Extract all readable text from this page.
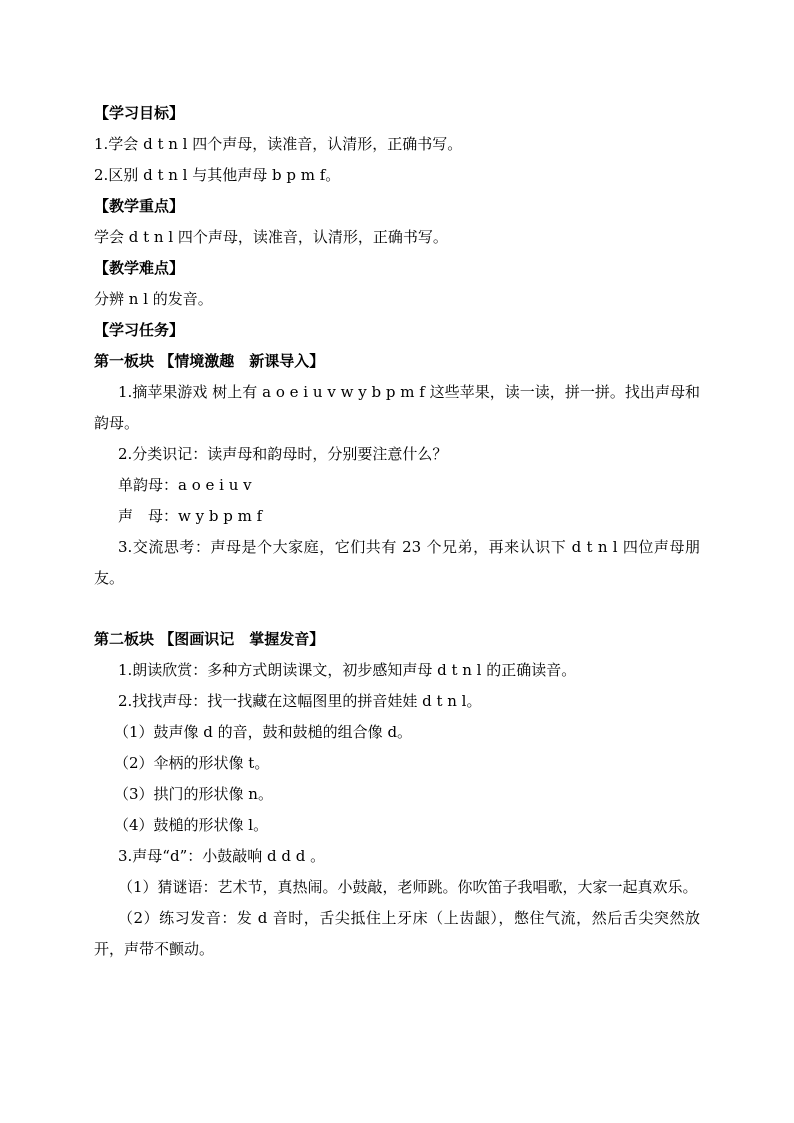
【学习目标】
1.学会 d t n l 四个声母，读准音，认清形，正确书写。
2.区别 d t n l 与其他声母 b p m f。
【教学重点】
学会 d t n l 四个声母，读准音，认清形，正确书写。
【教学难点】
分辨 n l 的发音。
【学习任务】
第一板块 【情境激趣　新课导入】
1.摘苹果游戏 树上有 a o e i u v w y b p m f 这些苹果，读一读，拼一拼。找出声母和韵母。
2.分类识记：读声母和韵母时，分别要注意什么？
单韵母：a o e i u v
声　母：w y b p m f
3.交流思考：声母是个大家庭，它们共有 23 个兄弟，再来认识下 d t n l 四位声母朋友。
第二板块 【图画识记　掌握发音】
1.朗读欣赏：多种方式朗读课文，初步感知声母 d t n l 的正确读音。
2.找找声母：找一找藏在这幅图里的拼音娃娃 d t n l。
（1）鼓声像 d 的音，鼓和鼓槌的组合像 d。
（2）伞柄的形状像 t。
（3）拱门的形状像 n。
（4）鼓槌的形状像 l。
3.声母“d”：小鼓敲响 d d d 。
（1）猜谜语：艺术节，真热闹。小鼓敲，老师跳。你吹笛子我唱歌，大家一起真欢乐。
（2）练习发音：发 d 音时，舌尖抵住上牙床（上齿龈），憋住气流，然后舌尖突然放开，声带不颤动。
